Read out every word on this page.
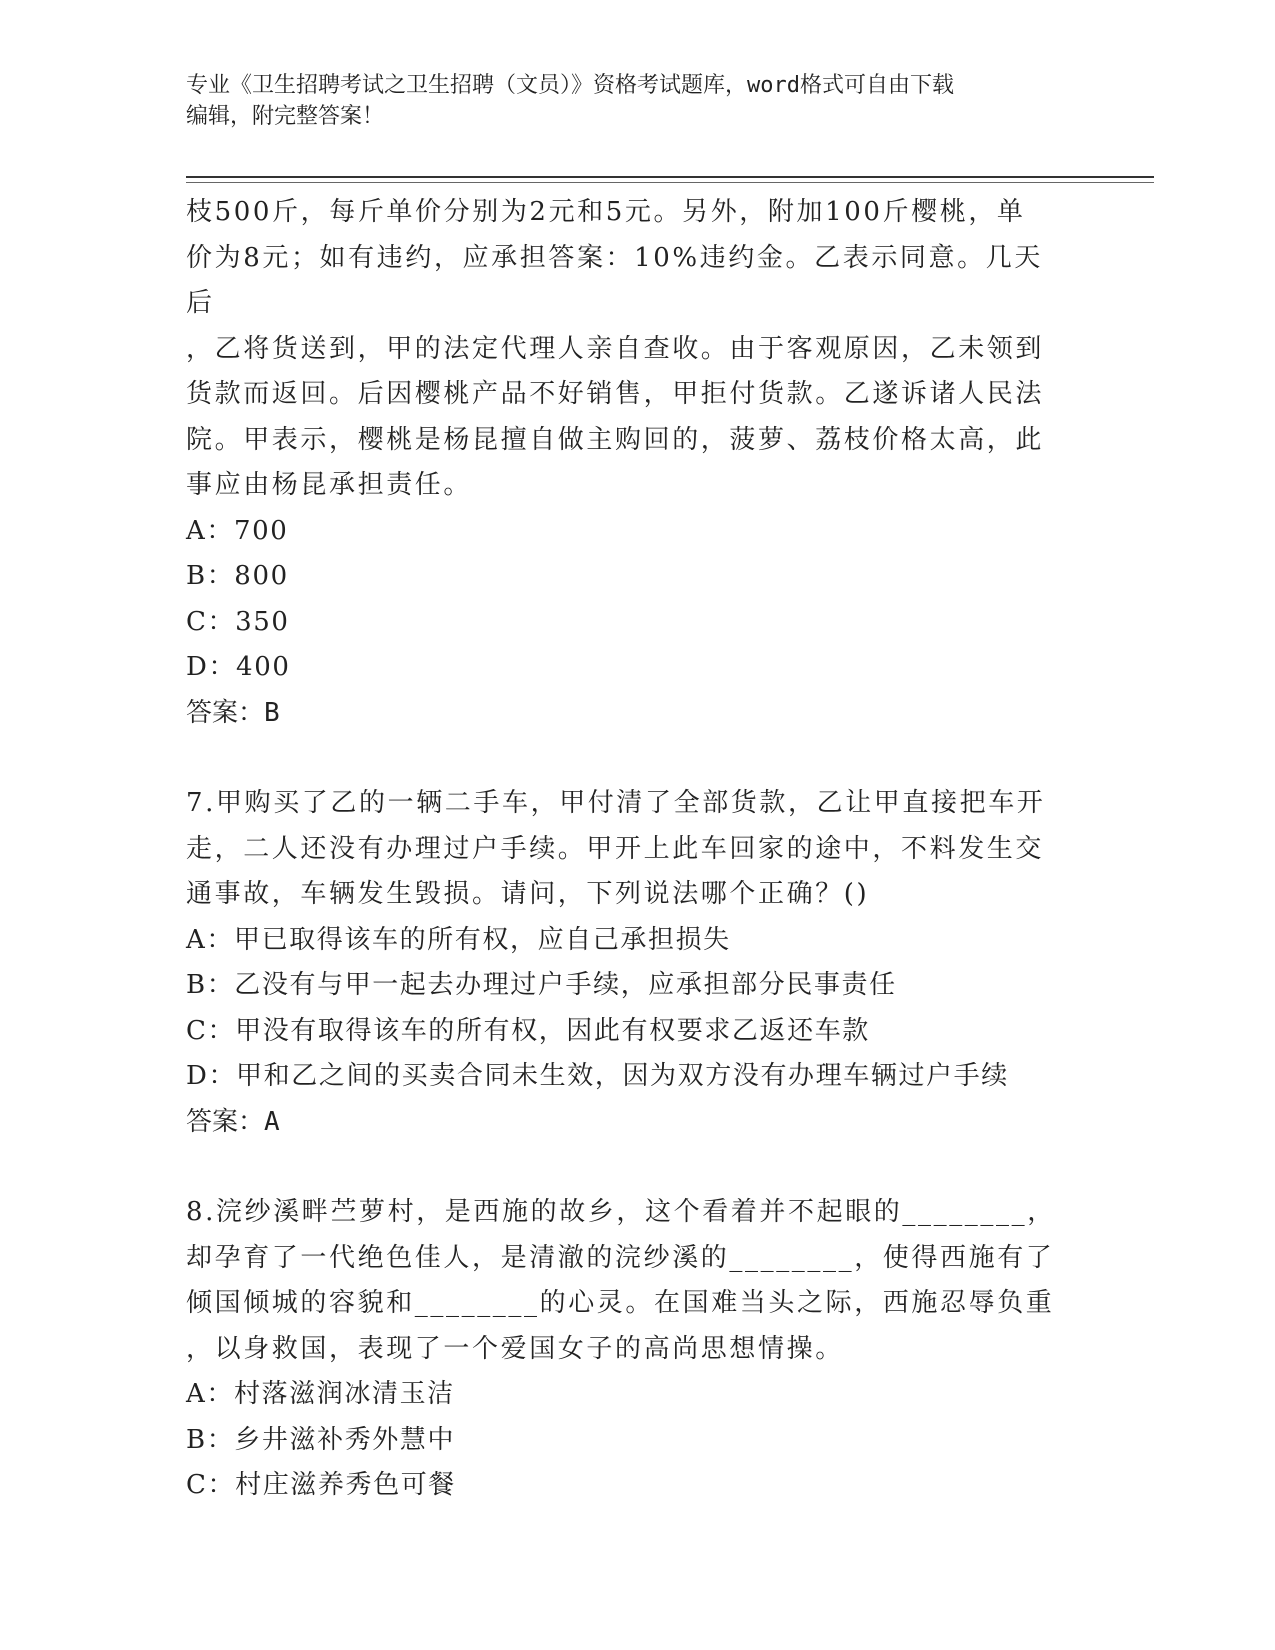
专业《卫生招聘考试之卫生招聘（文员）》资格考试题库，word格式可自由下载
编辑，附完整答案！

枝500斤，每斤单价分别为2元和5元。另外，附加100斤樱桃，单

价为8元；如有违约，应承担答案：10%违约金。乙表示同意。几天后

，乙将货送到，甲的法定代理人亲自查收。由于客观原因，乙未领到

货款而返回。后因樱桃产品不好销售，甲拒付货款。乙遂诉诸人民法

院。甲表示，樱桃是杨昆擅自做主购回的，菠萝、荔枝价格太高，此

事应由杨昆承担责任。

A：700

B：800

C：350

D：400

答案：B

7.甲购买了乙的一辆二手车，甲付清了全部货款，乙让甲直接把车开

走，二人还没有办理过户手续。甲开上此车回家的途中，不料发生交

通事故，车辆发生毁损。请问，下列说法哪个正确？()

A：甲已取得该车的所有权，应自己承担损失

B：乙没有与甲一起去办理过户手续，应承担部分民事责任

C：甲没有取得该车的所有权，因此有权要求乙返还车款

D：甲和乙之间的买卖合同未生效，因为双方没有办理车辆过户手续

答案：A

8.浣纱溪畔苎萝村，是西施的故乡，这个看着并不起眼的________，

却孕育了一代绝色佳人，是清澈的浣纱溪的________，使得西施有了

倾国倾城的容貌和________的心灵。在国难当头之际，西施忍辱负重

，以身救国，表现了一个爱国女子的高尚思想情操。

A：村落滋润冰清玉洁

B：乡井滋补秀外慧中

C：村庄滋养秀色可餐
